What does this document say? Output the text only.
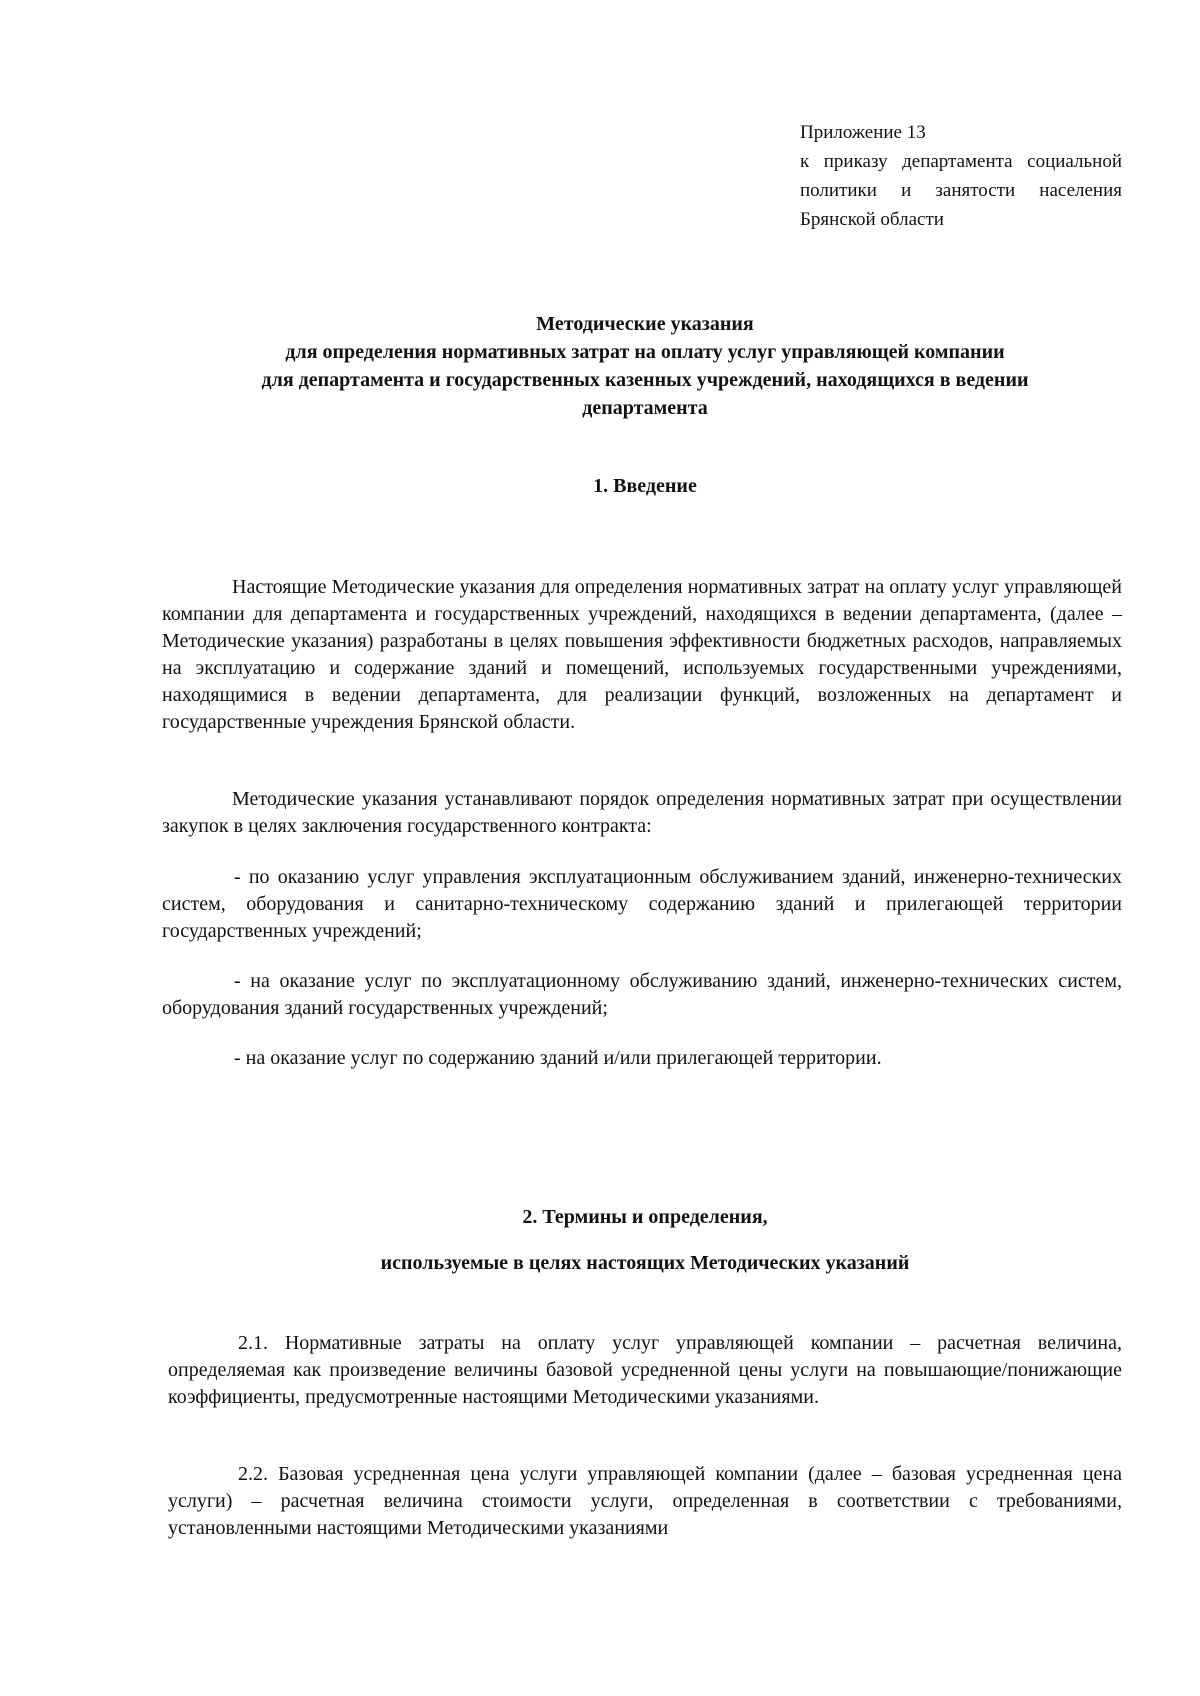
Приложение 13
к приказу департамента социальной политики и занятости населения Брянской области
Методические указания
для определения нормативных затрат на оплату услуг управляющей компании
для департамента и государственных казенных учреждений, находящихся в ведении
департамента
1. Введение

Настоящие Методические указания для определения нормативных затрат на оплату услуг управляющей компании для департамента и государственных учреждений, находящихся в ведении департамента, (далее – Методические указания) разработаны в целях повышения эффективности бюджетных расходов, направляемых на эксплуатацию и содержание зданий и помещений, используемых государственными учреждениями, находящимися в ведении департамента, для реализации функций, возложенных на департамент и государственные учреждения Брянской области.

Методические указания устанавливают порядок определения нормативных затрат при осуществлении закупок в целях заключения государственного контракта:

- по оказанию услуг управления эксплуатационным обслуживанием зданий, инженерно-технических систем, оборудования и санитарно-техническому содержанию зданий и прилегающей территории государственных учреждений;

- на оказание услуг по эксплуатационному обслуживанию зданий, инженерно-технических систем, оборудования зданий государственных учреждений;

- на оказание услуг по содержанию зданий и/или прилегающей территории.

2. Термины и определения,
используемые в целях настоящих Методических указаний

2.1. Нормативные затраты на оплату услуг управляющей компании – расчетная величина, определяемая как произведение величины базовой усредненной цены услуги на повышающие/понижающие коэффициенты, предусмотренные настоящими Методическими указаниями.

2.2. Базовая усредненная цена услуги управляющей компании (далее – базовая усредненная цена услуги) – расчетная величина стоимости услуги, определенная в соответствии с требованиями, установленными настоящими Методическими указаниями
